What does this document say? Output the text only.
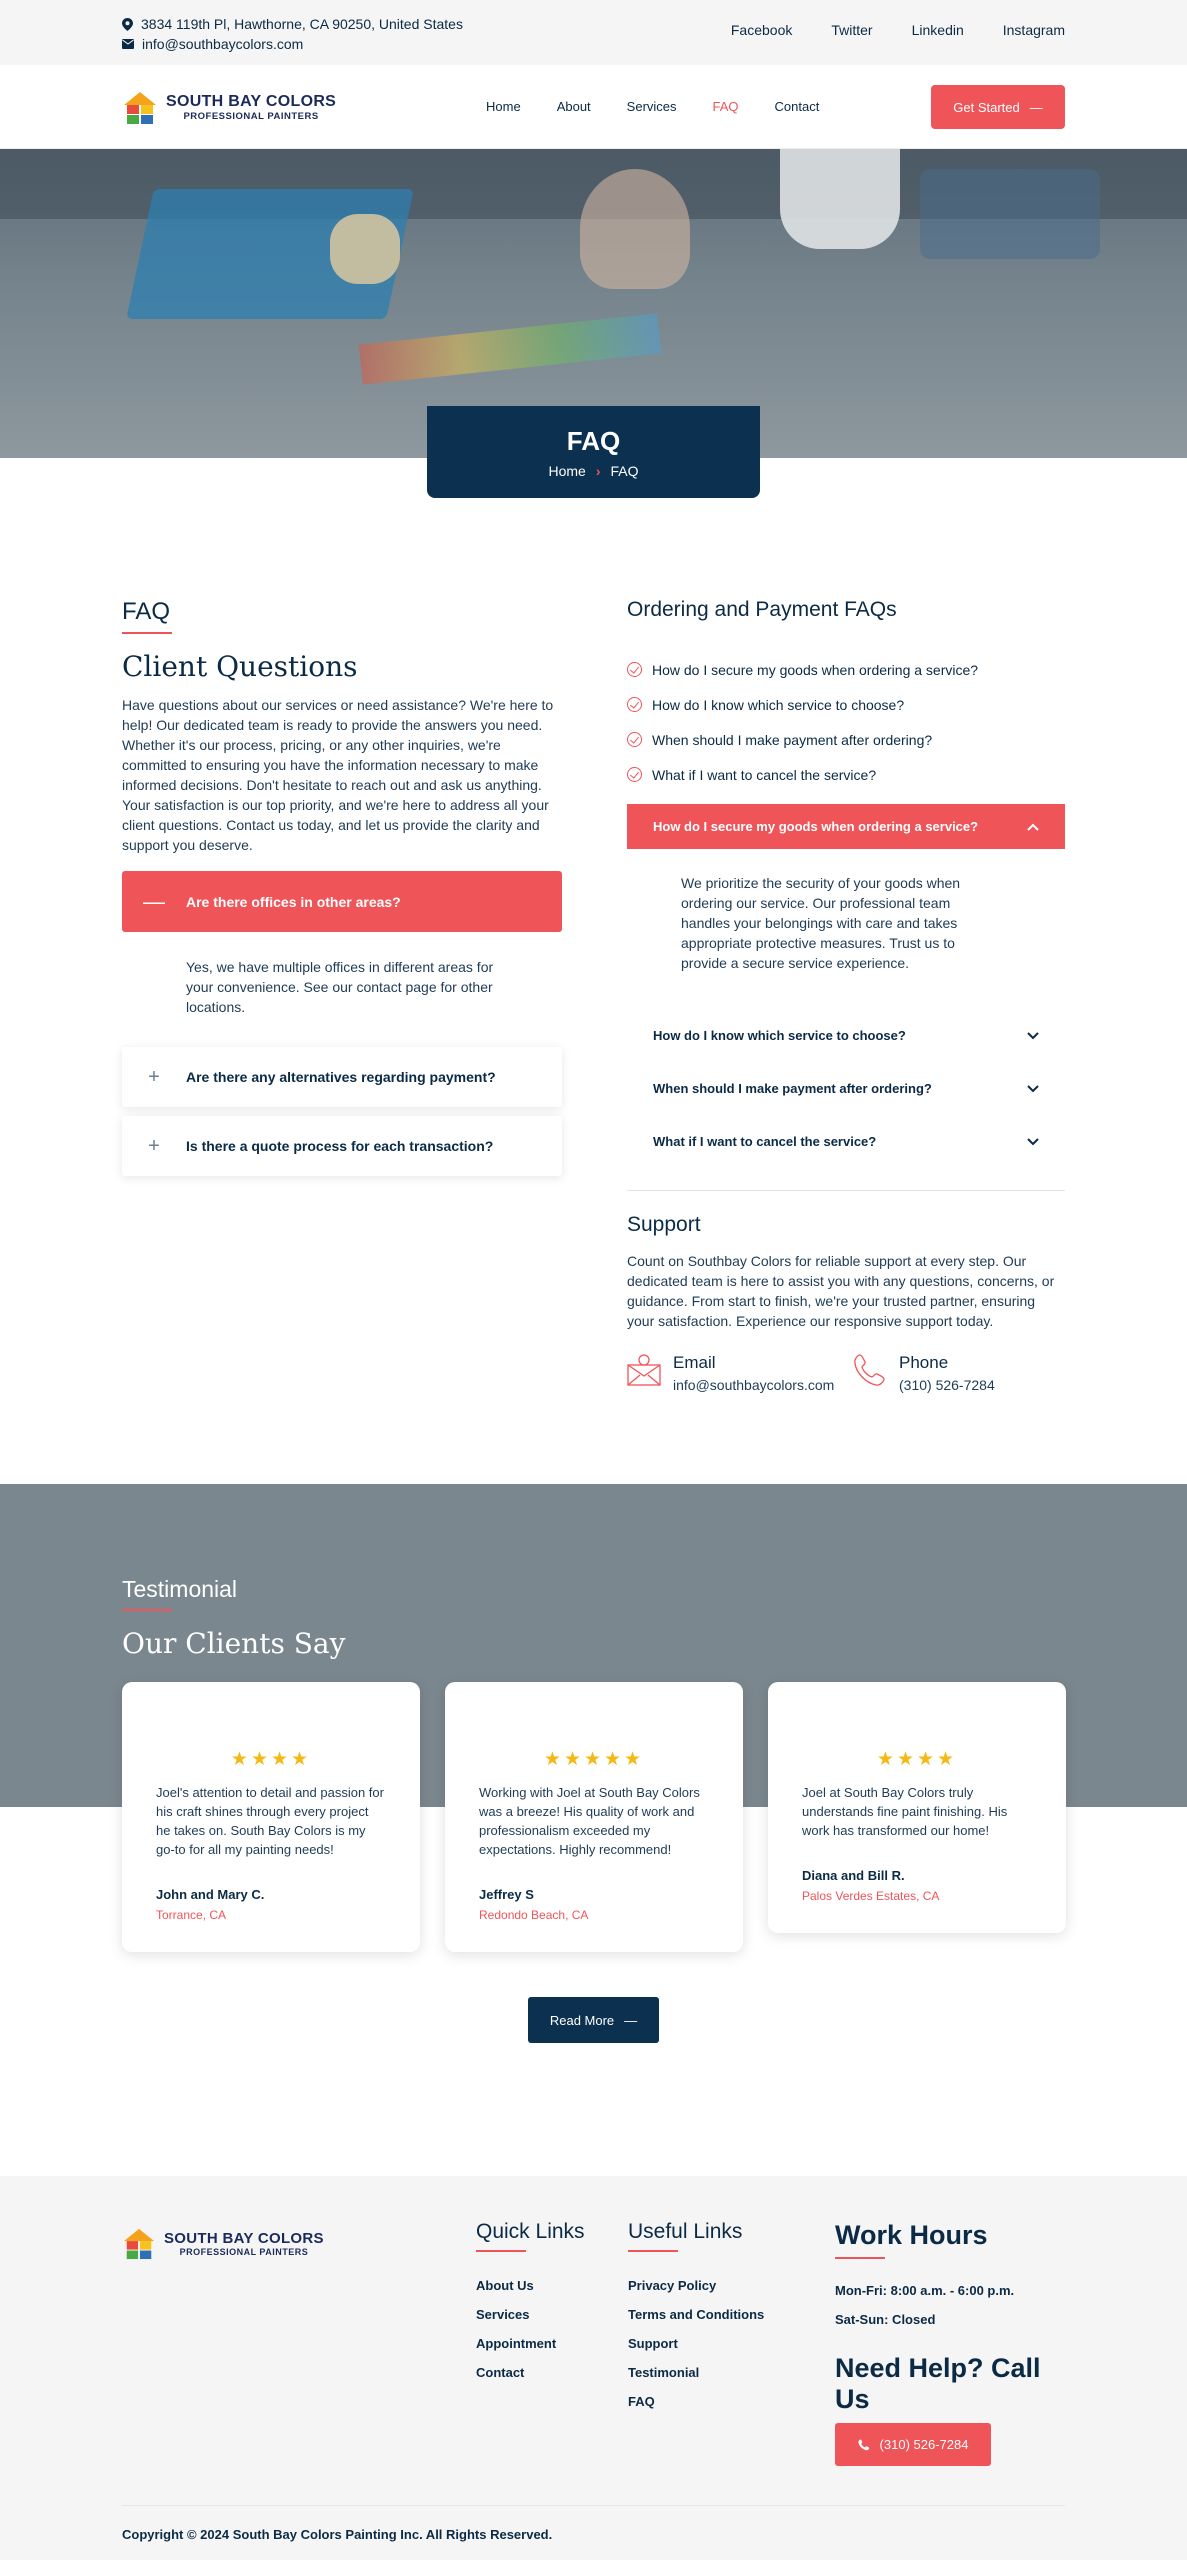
3834 119th Pl, Hawthorne, CA 90250, United States
info@southbaycolors.com
Facebook	Twitter	Linkedin	Instagram
SOUTH BAY COLORS
PROFESSIONAL PAINTERS
Home	About	Services	FAQ	Contact	Get Started —
FAQ
Home › FAQ
FAQ
Client Questions

Have questions about our services or need assistance? We're here to help! Our dedicated team is ready to provide the answers you need. Whether it's our process, pricing, or any other inquiries, we're committed to ensuring you have the information necessary to make informed decisions. Don't hesitate to reach out and ask us anything. Your satisfaction is our top priority, and we're here to address all your client questions. Contact us today, and let us provide the clarity and support you deserve.

—	Are there offices in other areas?
Yes, we have multiple offices in different areas for your convenience. See our contact page for other locations.
+	Are there any alternatives regarding payment?
+	Is there a quote process for each transaction?
Ordering and Payment FAQs
How do I secure my goods when ordering a service?
How do I know which service to choose?
When should I make payment after ordering?
What if I want to cancel the service?
How do I secure my goods when ordering a service?
We prioritize the security of your goods when ordering our service. Our professional team handles your belongings with care and takes appropriate protective measures. Trust us to provide a secure service experience.
How do I know which service to choose?
When should I make payment after ordering?
What if I want to cancel the service?
Support
Count on Southbay Colors for reliable support at every step. Our dedicated team is here to assist you with any questions, concerns, or guidance. From start to finish, we're your trusted partner, ensuring your satisfaction. Experience our responsive support today.
Email
info@southbaycolors.com
Phone
(310) 526-7284
Testimonial
Our Clients Say
★★★★
Joel's attention to detail and passion for his craft shines through every project he takes on. South Bay Colors is my go-to for all my painting needs!
John and Mary C.
Torrance, CA
★★★★★
Working with Joel at South Bay Colors was a breeze! His quality of work and professionalism exceeded my expectations. Highly recommend!
Jeffrey S
Redondo Beach, CA
★★★★
Joel at South Bay Colors truly understands fine paint finishing. His work has transformed our home!
Diana and Bill R.
Palos Verdes Estates, CA
Read More —
SOUTH BAY COLORS
PROFESSIONAL PAINTERS
Quick Links
About Us
Services
Appointment
Contact
Useful Links
Privacy Policy
Terms and Conditions
Support
Testimonial
FAQ
Work Hours
Mon-Fri: 8:00 a.m. - 6:00 p.m.
Sat-Sun: Closed
Need Help? Call Us
(310) 526-7284
Copyright © 2024 South Bay Colors Painting Inc. All Rights Reserved.
